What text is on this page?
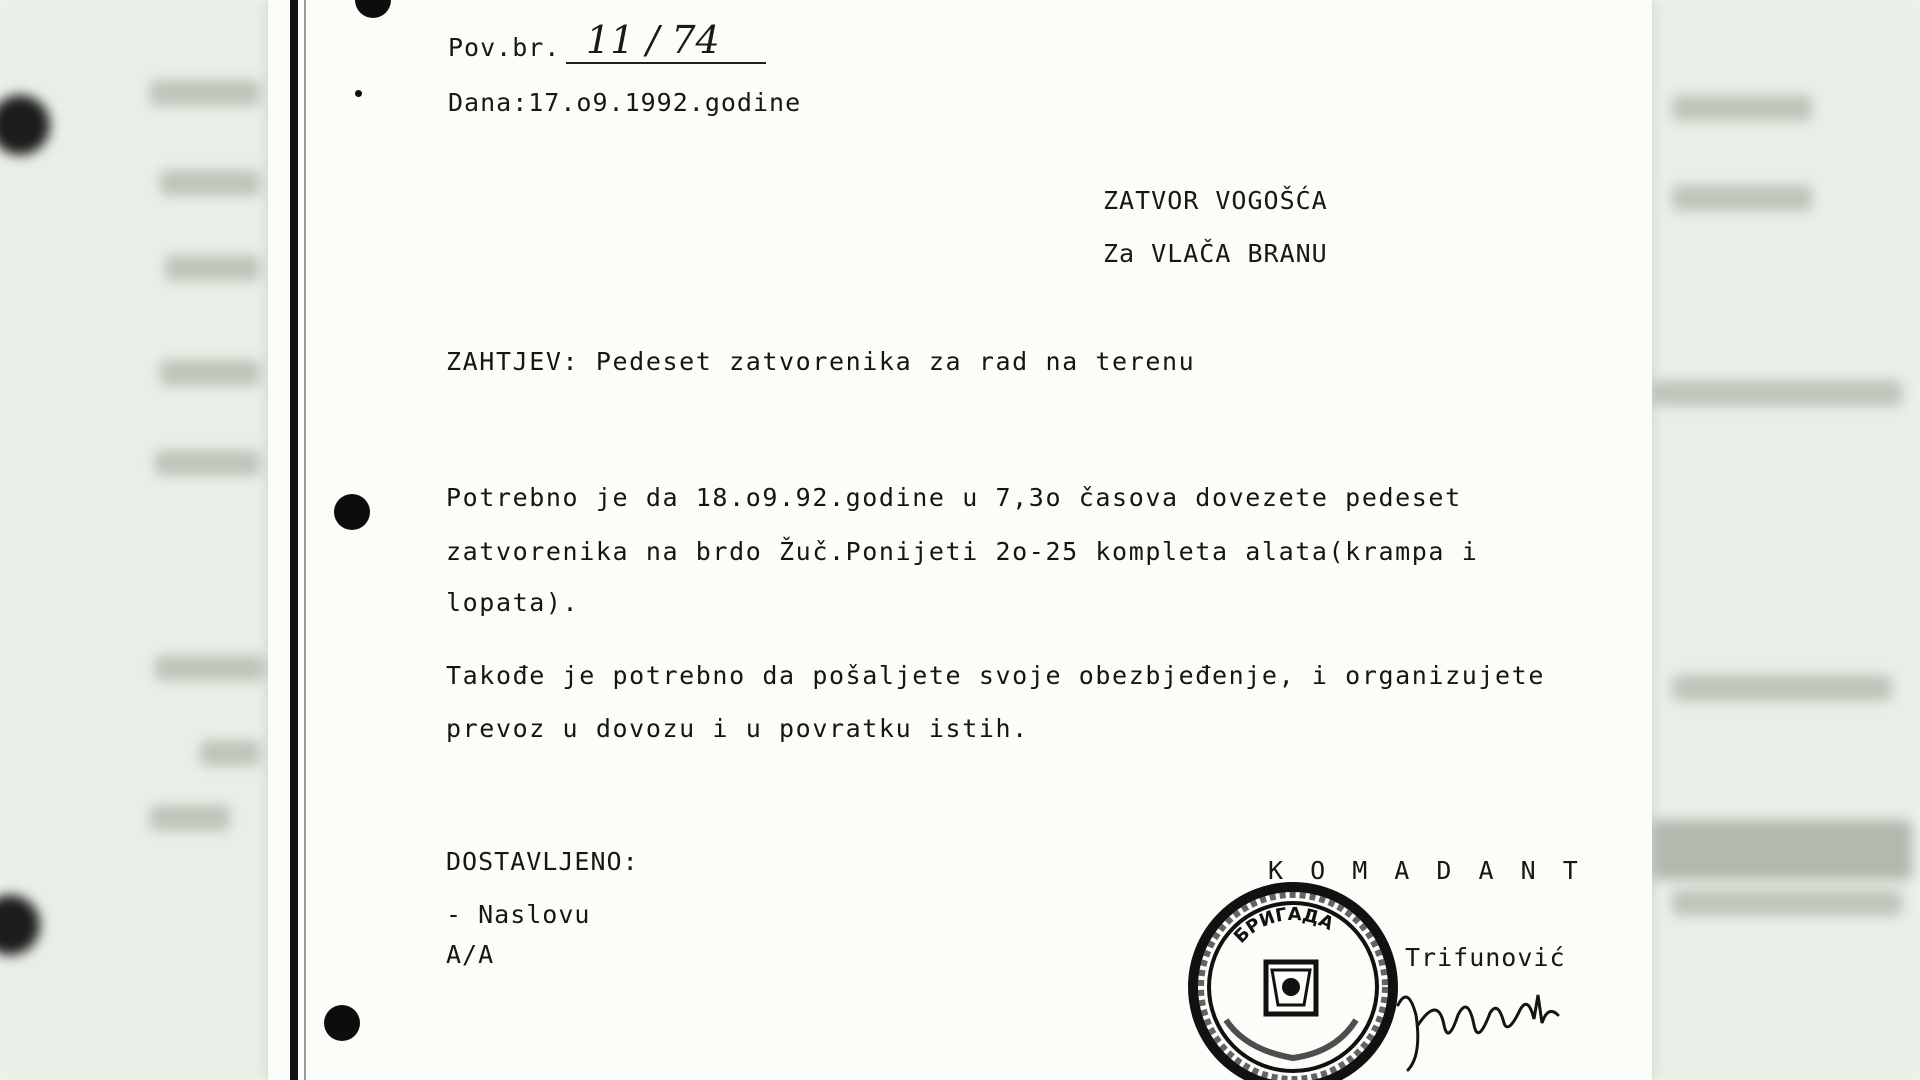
Pov.br. 11 / 74
Dana:17.o9.1992.godine
ZATVOR VOGOŠĆA
Za VLAČA BRANU
ZAHTJEV: Pedeset zatvorenika za rad na terenu
Potrebno je da 18.o9.92.godine u 7,3o časova dovezete pedeset
zatvorenika na brdo Žuč.Ponijeti 2o-25 kompleta alata(krampa i
lopata).
Takođe je potrebno da pošaljete svoje obezbjeđenje, i organizujete
prevoz u dovozu i u povratku istih.
DOSTAVLJENO:
- Naslovu
A/A
K O M A D A N T
БРИГАДА
Trifunović
